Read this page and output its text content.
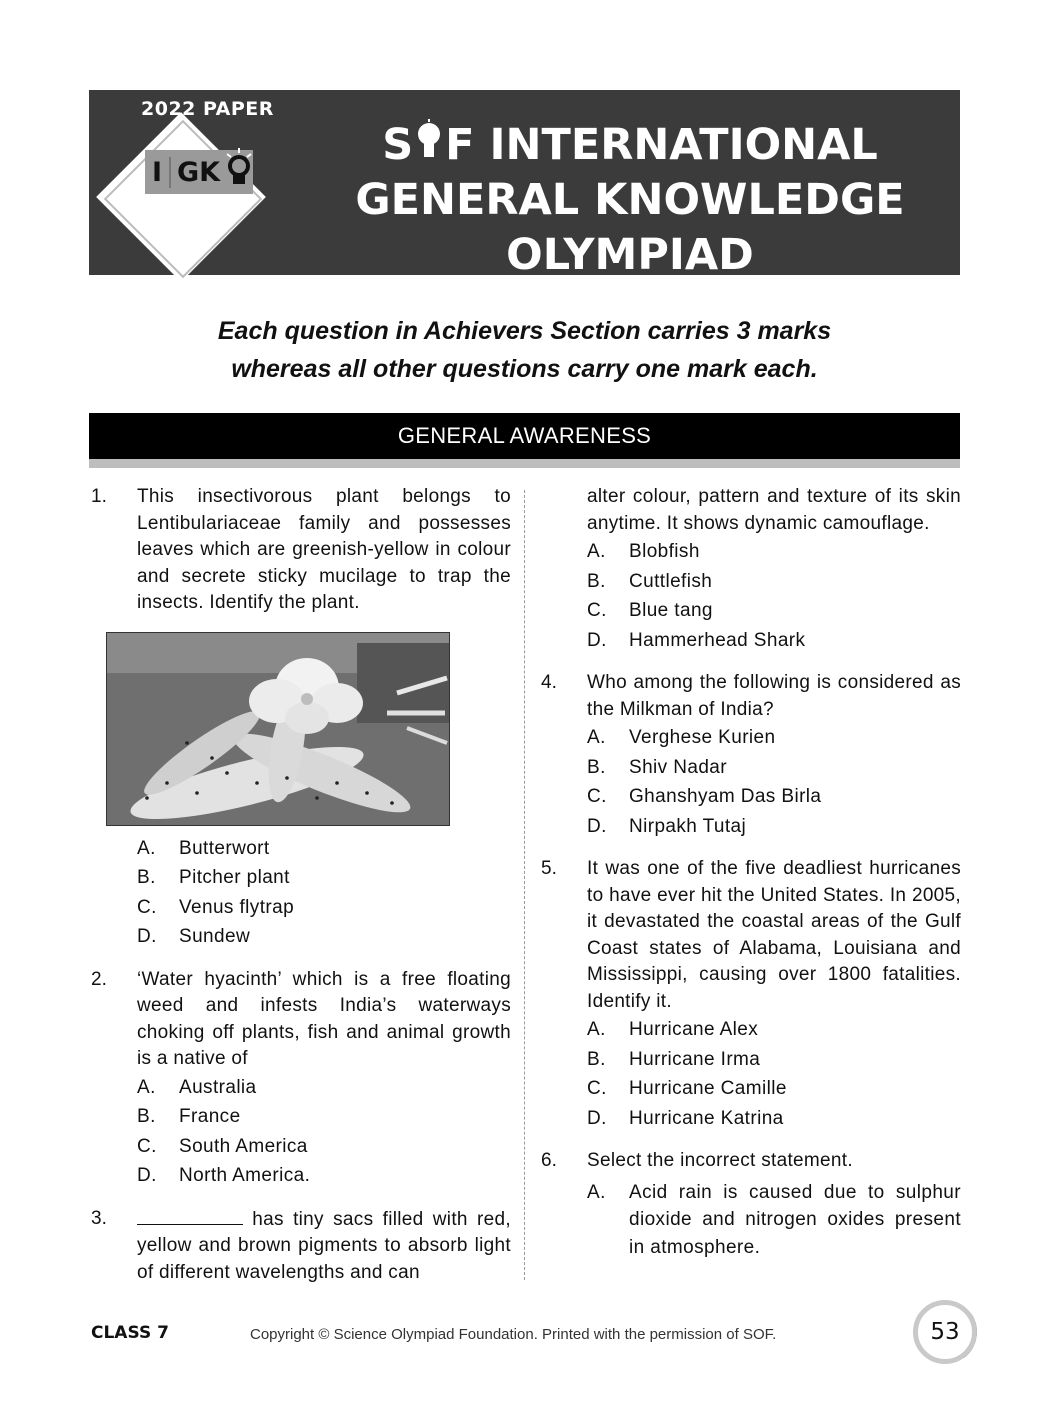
2022 PAPER
I GK
S F INTERNATIONAL
GENERAL KNOWLEDGE
OLYMPIAD
Each question in Achievers Section carries 3 marks
whereas all other questions carry one mark each.
GENERAL AWARENESS
1. This insectivorous plant belongs to Lentibulariaceae family and possesses leaves which are greenish-yellow in colour and secrete sticky mucilage to trap the insects. Identify the plant.
A. Butterwort
B. Pitcher plant
C. Venus flytrap
D. Sundew
2. ‘Water hyacinth’ which is a free floating weed and infests India’s waterways choking off plants, fish and animal growth is a native of
A. Australia
B. France
C. South America
D. North America.
3.	has tiny sacs filled with red, yellow and brown pigments to absorb light of different wavelengths and can
alter colour, pattern and texture of its skin anytime. It shows dynamic camouflage.
A. Blobfish
B. Cuttlefish
C. Blue tang
D. Hammerhead Shark
4. Who among the following is considered as the Milkman of India?
A. Verghese Kurien
B. Shiv Nadar
C. Ghanshyam Das Birla
D. Nirpakh Tutaj
5. It was one of the five deadliest hurricanes to have ever hit the United States. In 2005, it devastated the coastal areas of the Gulf Coast states of Alabama, Louisiana and Mississippi, causing over 1800 fatalities. Identify it.
A. Hurricane Alex
B. Hurricane Irma
C. Hurricane Camille
D. Hurricane Katrina
6. Select the incorrect statement.
A. Acid rain is caused due to sulphur dioxide and nitrogen oxides present in atmosphere.
CLASS 7	Copyright © Science Olympiad Foundation. Printed with the permission of SOF.	53
